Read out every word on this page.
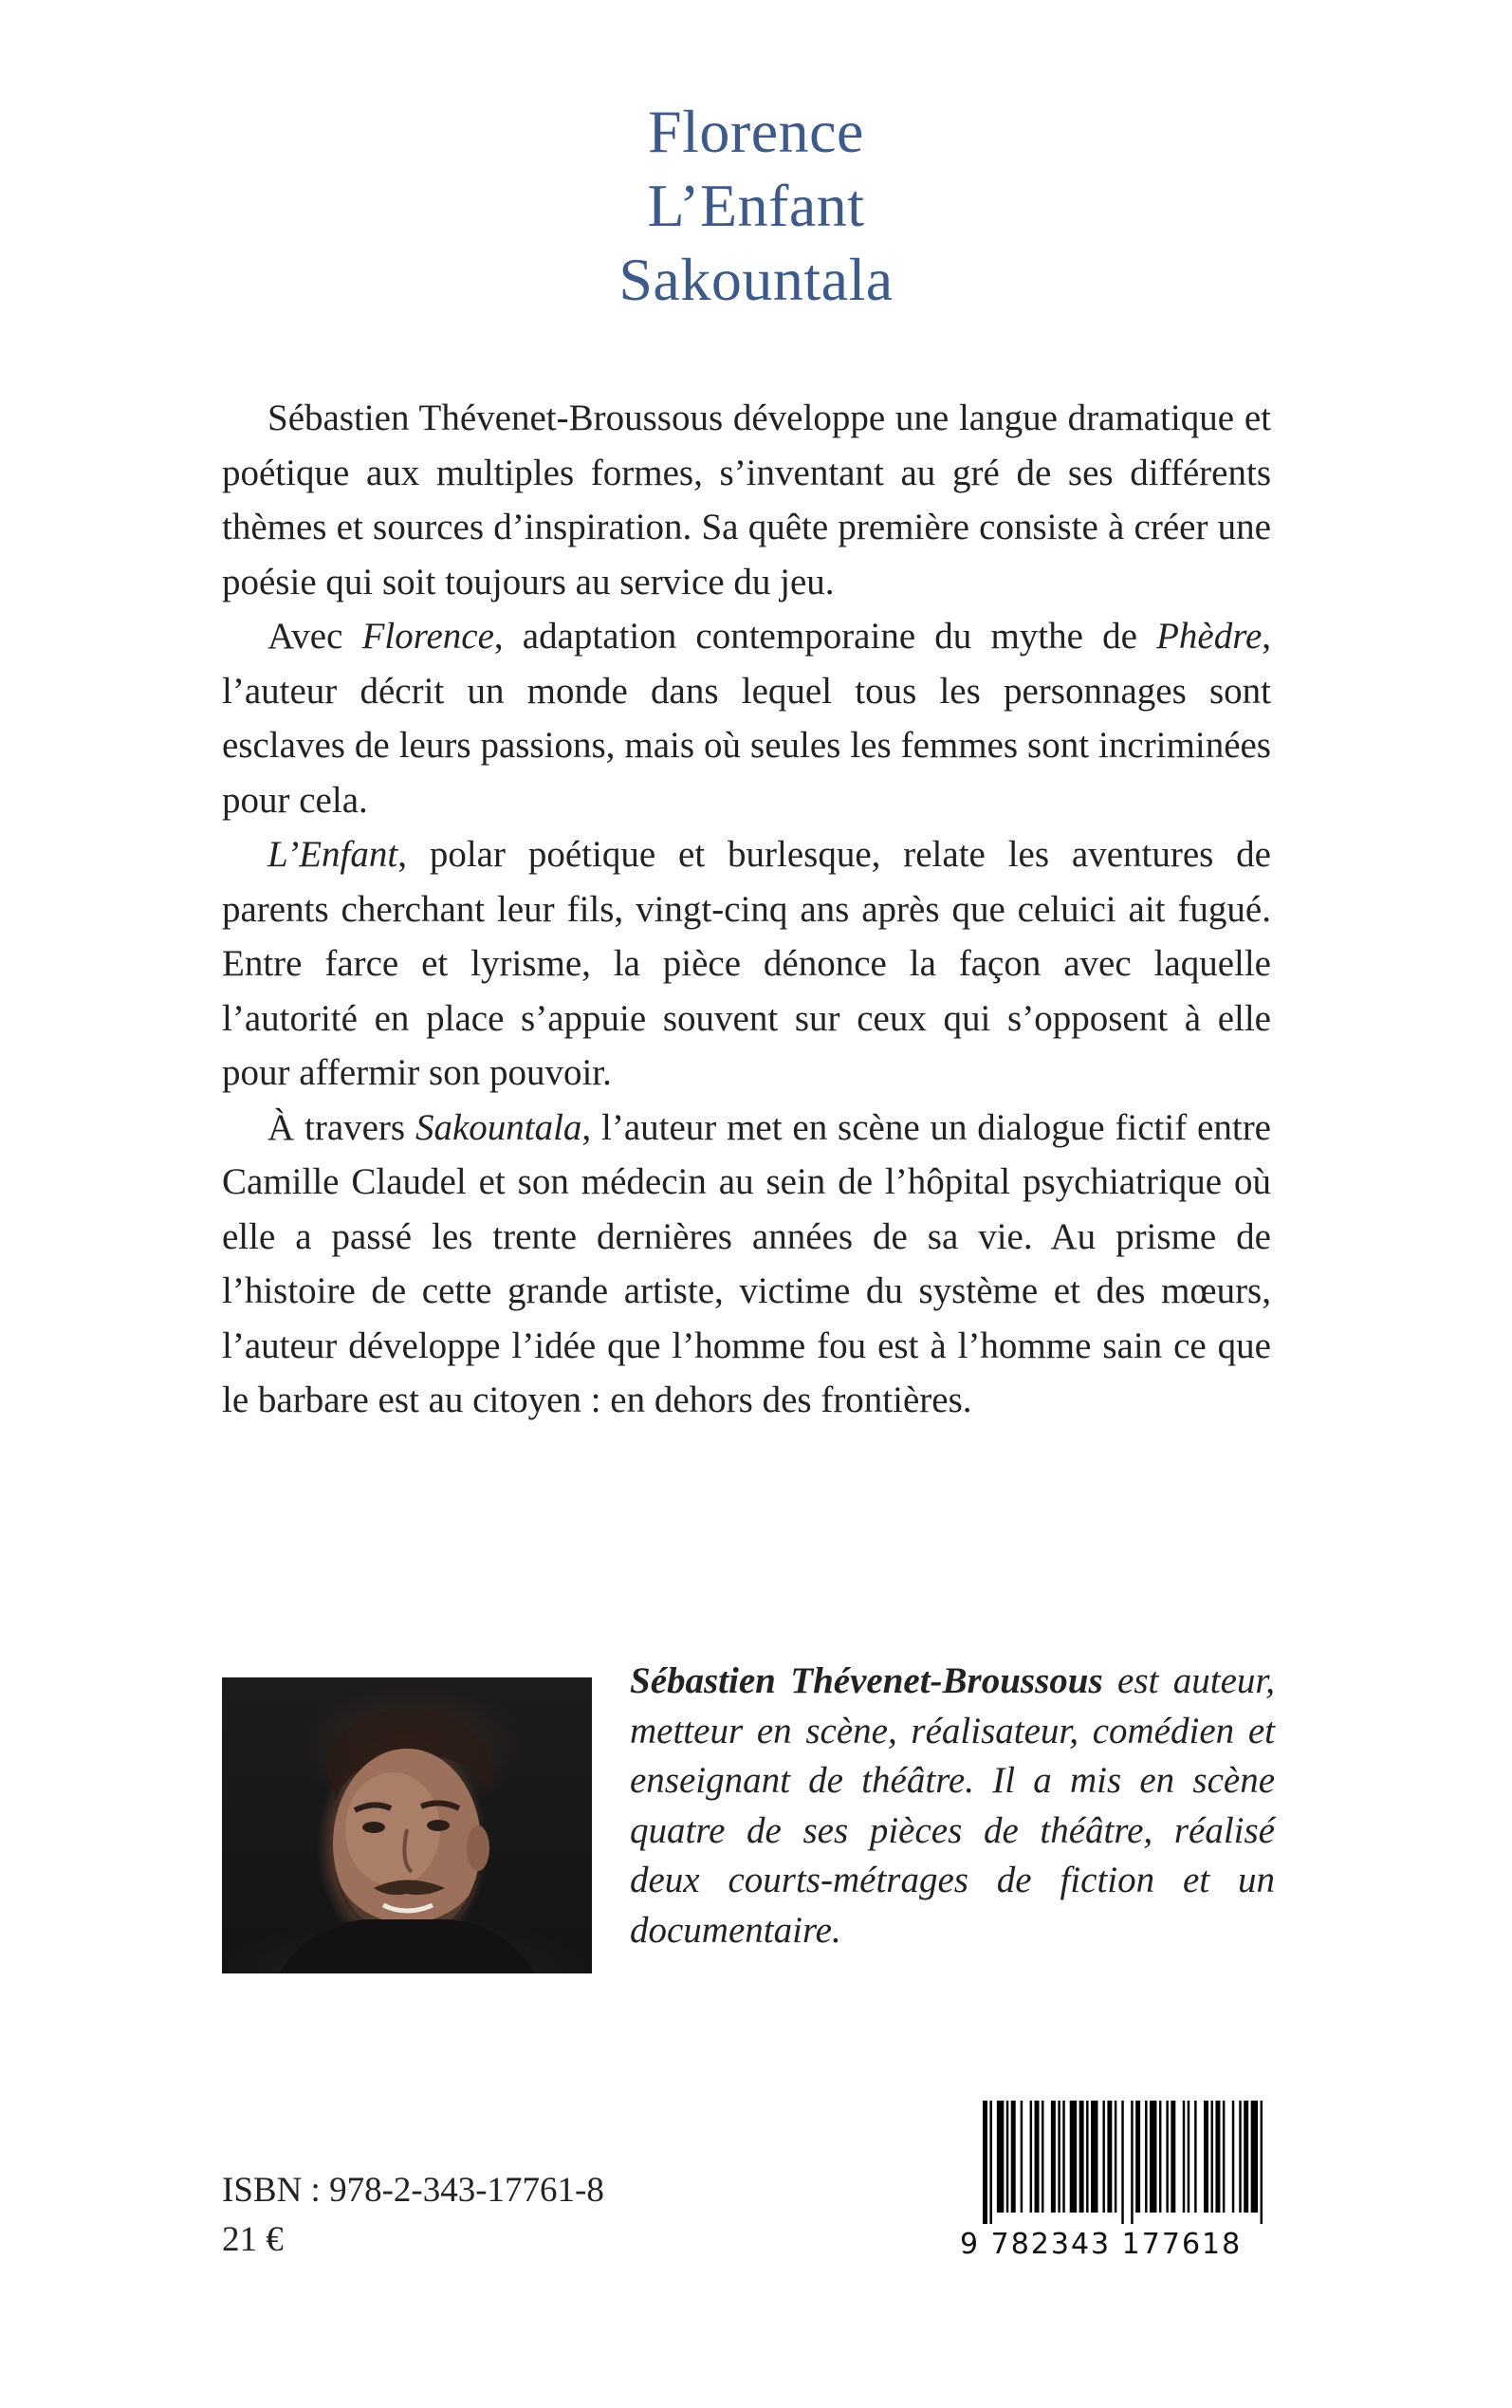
Florence
L’Enfant
Sakountala

Sébastien Thévenet-Broussous développe une langue dramatique et poétique aux multiples formes, s’inventant au gré de ses différents thèmes et sources d’inspiration. Sa quête première consiste à créer une poésie qui soit toujours au service du jeu.

Avec Florence, adaptation contemporaine du mythe de Phèdre, l’auteur décrit un monde dans lequel tous les personnages sont esclaves de leurs passions, mais où seules les femmes sont incriminées pour cela.

L’Enfant, polar poétique et burlesque, relate les aventures de parents cherchant leur fils, vingt-cinq ans après que celuici ait fugué. Entre farce et lyrisme, la pièce dénonce la façon avec laquelle l’autorité en place s’appuie souvent sur ceux qui s’opposent à elle pour affermir son pouvoir.

À travers Sakountala, l’auteur met en scène un dialogue fictif entre Camille Claudel et son médecin au sein de l’hôpital psychiatrique où elle a passé les trente dernières années de sa vie. Au prisme de l’histoire de cette grande artiste, victime du système et des mœurs, l’auteur développe l’idée que l’homme fou est à l’homme sain ce que le barbare est au citoyen : en dehors des frontières.

Sébastien Thévenet-Broussous est auteur, metteur en scène, réalisateur, comédien et enseignant de théâtre. Il a mis en scène quatre de ses pièces de théâtre, réalisé deux courts-métrages de fiction et un documentaire.
ISBN : 978-2-343-17761-8
21 €	9 782343 177618
